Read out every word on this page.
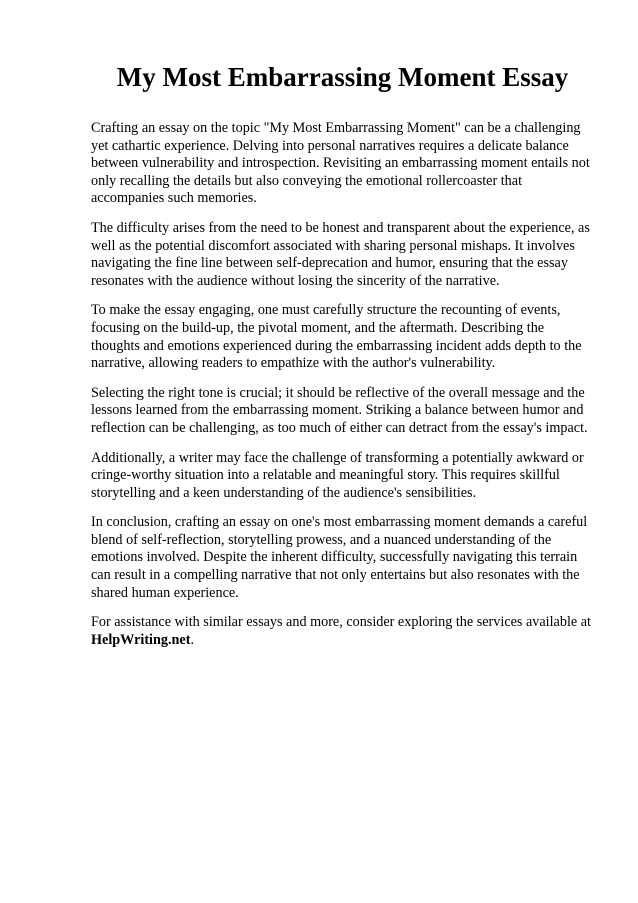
My Most Embarrassing Moment Essay

Crafting an essay on the topic "My Most Embarrassing Moment" can be a challenging yet cathartic experience. Delving into personal narratives requires a delicate balance between vulnerability and introspection. Revisiting an embarrassing moment entails not only recalling the details but also conveying the emotional rollercoaster that accompanies such memories.

The difficulty arises from the need to be honest and transparent about the experience, as well as the potential discomfort associated with sharing personal mishaps. It involves navigating the fine line between self-deprecation and humor, ensuring that the essay resonates with the audience without losing the sincerity of the narrative.

To make the essay engaging, one must carefully structure the recounting of events, focusing on the build-up, the pivotal moment, and the aftermath. Describing the thoughts and emotions experienced during the embarrassing incident adds depth to the narrative, allowing readers to empathize with the author's vulnerability.

Selecting the right tone is crucial; it should be reflective of the overall message and the lessons learned from the embarrassing moment. Striking a balance between humor and reflection can be challenging, as too much of either can detract from the essay's impact.

Additionally, a writer may face the challenge of transforming a potentially awkward or cringe-worthy situation into a relatable and meaningful story. This requires skillful storytelling and a keen understanding of the audience's sensibilities.

In conclusion, crafting an essay on one's most embarrassing moment demands a careful blend of self-reflection, storytelling prowess, and a nuanced understanding of the emotions involved. Despite the inherent difficulty, successfully navigating this terrain can result in a compelling narrative that not only entertains but also resonates with the shared human experience.

For assistance with similar essays and more, consider exploring the services available at
HelpWriting.net.
